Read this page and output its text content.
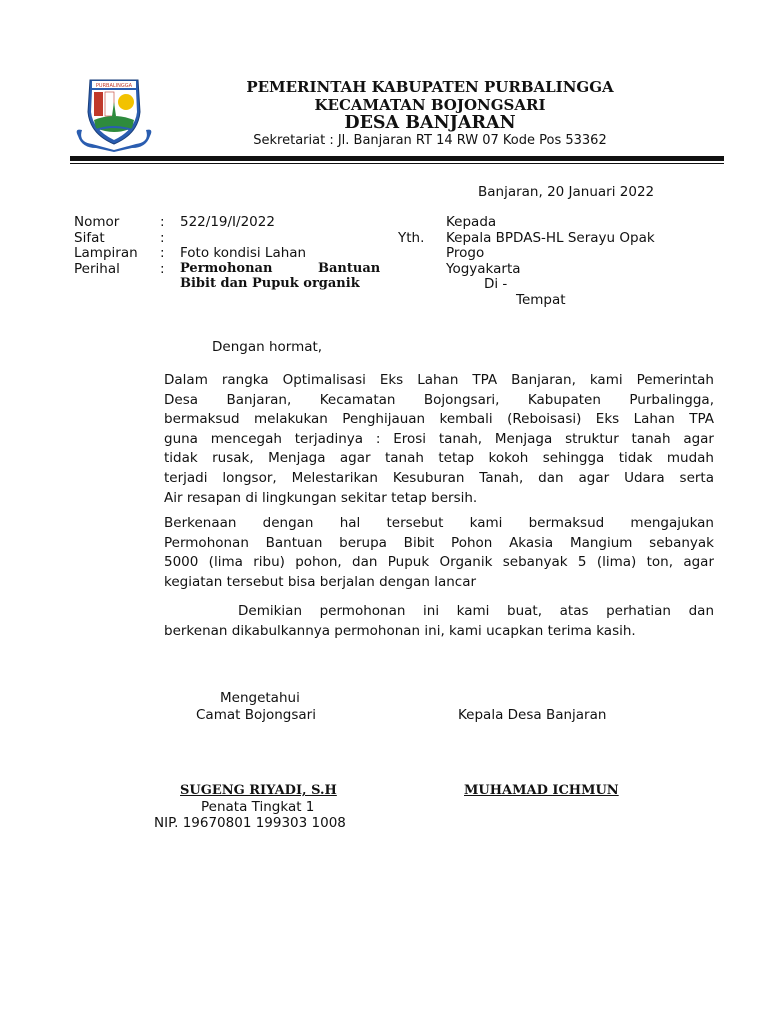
PURBALINGGA	PEMERINTAH KABUPATEN PURBALINGGA
KECAMATAN BOJONGSARI
DESA BANJARAN
Sekretariat : Jl. Banjaran RT 14 RW 07 Kode Pos 53362
Banjaran, 20 Januari 2022
Nomor	: 522/19/I/2022
Sifat	:
Lampiran : Foto kondisi Lahan
Perihal	: Permohonan	Bantuan
Bibit dan Pupuk organik
Kepada
Yth. Kepala BPDAS-HL Serayu Opak
Progo
Yogyakarta
Di -
Tempat
Dengan hormat,
Dalam rangka Optimalisasi Eks Lahan TPA Banjaran, kami Pemerintah
Desa Banjaran, Kecamatan Bojongsari, Kabupaten Purbalingga,
bermaksud melakukan Penghijauan kembali (Reboisasi) Eks Lahan TPA
guna mencegah terjadinya : Erosi tanah, Menjaga struktur tanah agar
tidak rusak, Menjaga agar tanah tetap kokoh sehingga tidak mudah
terjadi longsor, Melestarikan Kesuburan Tanah, dan agar Udara serta
Air resapan di lingkungan sekitar tetap bersih.
Berkenaan dengan hal tersebut kami bermaksud mengajukan
Permohonan Bantuan berupa Bibit Pohon Akasia Mangium sebanyak
5000 (lima ribu) pohon, dan Pupuk Organik sebanyak 5 (lima) ton, agar
kegiatan tersebut bisa berjalan dengan lancar
Demikian permohonan ini kami buat, atas perhatian dan
berkenan dikabulkannya permohonan ini, kami ucapkan terima kasih.
Mengetahui
Camat Bojongsari	Kepala Desa Banjaran
SUGENG RIYADI, S.H	MUHAMAD ICHMUN
Penata Tingkat 1
NIP. 19670801 199303 1008
